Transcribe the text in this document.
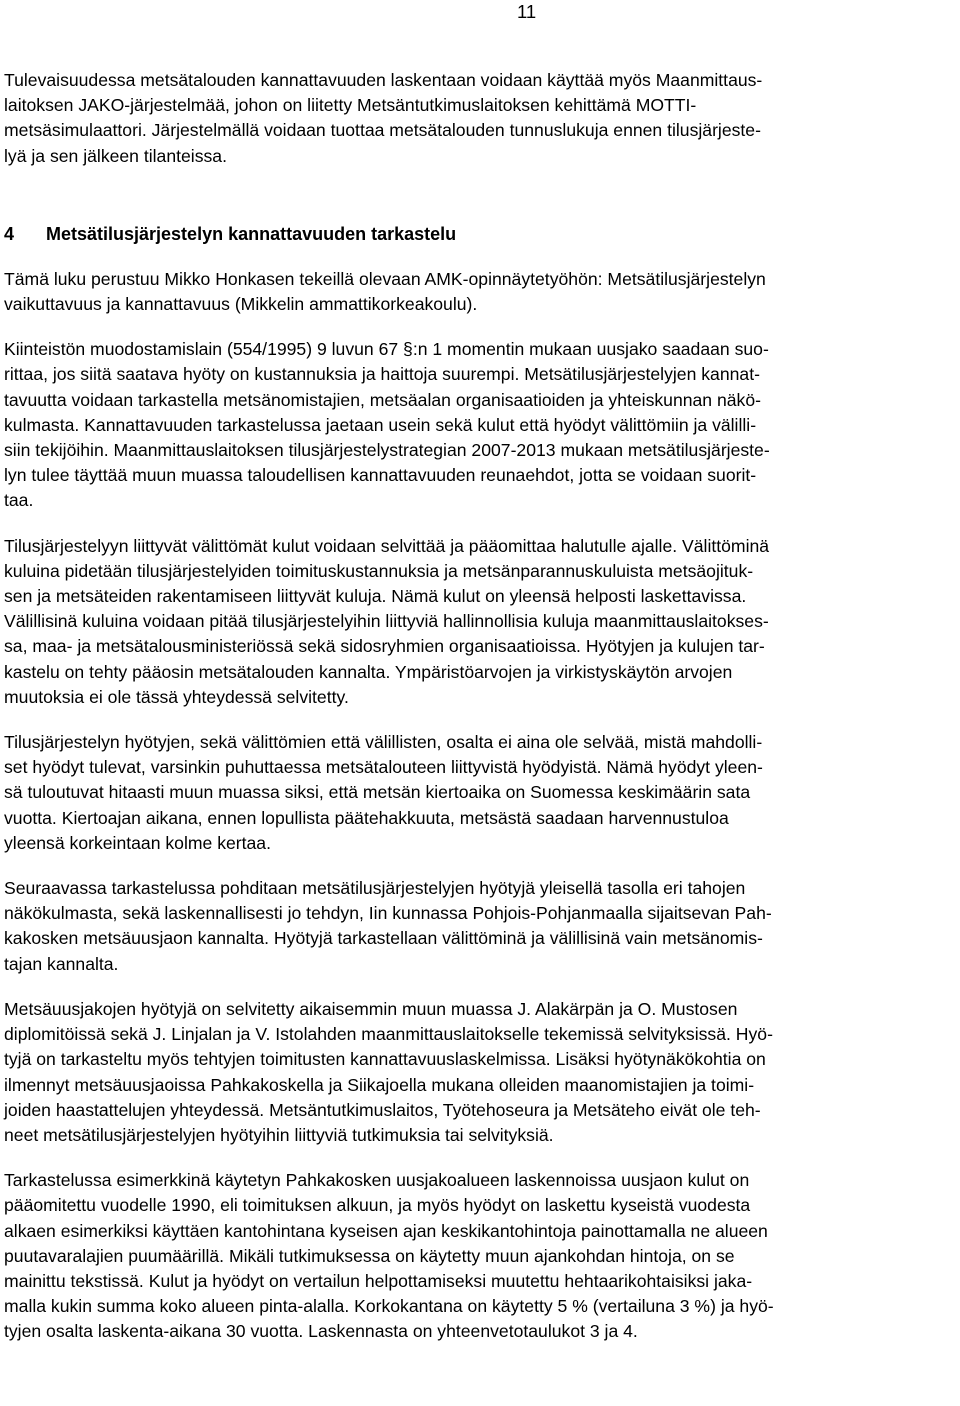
11
Tulevaisuudessa metsätalouden kannattavuuden laskentaan voidaan käyttää myös Maanmittaus-
laitoksen JAKO-järjestelmää, johon on liitetty Metsäntutkimuslaitoksen kehittämä MOTTI-
metsäsimulaattori. Järjestelmällä voidaan tuottaa metsätalouden tunnuslukuja ennen tilusjärjeste-
lyä ja sen jälkeen tilanteissa.
4 Metsätilusjärjestelyn kannattavuuden tarkastelu
Tämä luku perustuu Mikko Honkasen tekeillä olevaan AMK-opinnäytetyöhön: Metsätilusjärjestelyn
vaikuttavuus ja kannattavuus (Mikkelin ammattikorkeakoulu).
Kiinteistön muodostamislain (554/1995) 9 luvun 67 §:n 1 momentin mukaan uusjako saadaan suo-
rittaa, jos siitä saatava hyöty on kustannuksia ja haittoja suurempi. Metsätilusjärjestelyjen kannat-
tavuutta voidaan tarkastella metsänomistajien, metsäalan organisaatioiden ja yhteiskunnan näkö-
kulmasta. Kannattavuuden tarkastelussa jaetaan usein sekä kulut että hyödyt välittömiin ja välilli-
siin tekijöihin. Maanmittauslaitoksen tilusjärjestelystrategian 2007-2013 mukaan metsätilusjärjeste-
lyn tulee täyttää muun muassa taloudellisen kannattavuuden reunaehdot, jotta se voidaan suorit-
taa.
Tilusjärjestelyyn liittyvät välittömät kulut voidaan selvittää ja pääomittaa halutulle ajalle. Välittöminä
kuluina pidetään tilusjärjestelyiden toimituskustannuksia ja metsänparannuskuluista metsäojituk-
sen ja metsäteiden rakentamiseen liittyvät kuluja. Nämä kulut on yleensä helposti laskettavissa.
Välillisinä kuluina voidaan pitää tilusjärjestelyihin liittyviä hallinnollisia kuluja maanmittauslaitokses-
sa, maa- ja metsätalousministeriössä sekä sidosryhmien organisaatioissa. Hyötyjen ja kulujen tar-
kastelu on tehty pääosin metsätalouden kannalta. Ympäristöarvojen ja virkistyskäytön arvojen
muutoksia ei ole tässä yhteydessä selvitetty.
Tilusjärjestelyn hyötyjen, sekä välittömien että välillisten, osalta ei aina ole selvää, mistä mahdolli-
set hyödyt tulevat, varsinkin puhuttaessa metsätalouteen liittyvistä hyödyistä. Nämä hyödyt yleen-
sä tuloutuvat hitaasti muun muassa siksi, että metsän kiertoaika on Suomessa keskimäärin sata
vuotta. Kiertoajan aikana, ennen lopullista päätehakkuuta, metsästä saadaan harvennustuloa
yleensä korkeintaan kolme kertaa.
Seuraavassa tarkastelussa pohditaan metsätilusjärjestelyjen hyötyjä yleisellä tasolla eri tahojen
näkökulmasta, sekä laskennallisesti jo tehdyn, Iin kunnassa Pohjois-Pohjanmaalla sijaitsevan Pah-
kakosken metsäuusjaon kannalta. Hyötyjä tarkastellaan välittöminä ja välillisinä vain metsänomis-
tajan kannalta.
Metsäuusjakojen hyötyjä on selvitetty aikaisemmin muun muassa J. Alakärpän ja O. Mustosen
diplomitöissä sekä J. Linjalan ja V. Istolahden maanmittauslaitokselle tekemissä selvityksissä. Hyö-
tyjä on tarkasteltu myös tehtyjen toimitusten kannattavuuslaskelmissa. Lisäksi hyötynäkökohtia on
ilmennyt metsäuusjaoissa Pahkakoskella ja Siikajoella mukana olleiden maanomistajien ja toimi-
joiden haastattelujen yhteydessä. Metsäntutkimuslaitos, Työtehoseura ja Metsäteho eivät ole teh-
neet metsätilusjärjestelyjen hyötyihin liittyviä tutkimuksia tai selvityksiä.
Tarkastelussa esimerkkinä käytetyn Pahkakosken uusjakoalueen laskennoissa uusjaon kulut on
pääomitettu vuodelle 1990, eli toimituksen alkuun, ja myös hyödyt on laskettu kyseistä vuodesta
alkaen esimerkiksi käyttäen kantohintana kyseisen ajan keskikantohintoja painottamalla ne alueen
puutavaralajien puumäärillä. Mikäli tutkimuksessa on käytetty muun ajankohdan hintoja, on se
mainittu tekstissä. Kulut ja hyödyt on vertailun helpottamiseksi muutettu hehtaarikohtaisiksi jaka-
malla kukin summa koko alueen pinta-alalla. Korkokantana on käytetty 5 % (vertailuna 3 %) ja hyö-
tyjen osalta laskenta-aikana 30 vuotta. Laskennasta on yhteenvetotaulukot 3 ja 4.
